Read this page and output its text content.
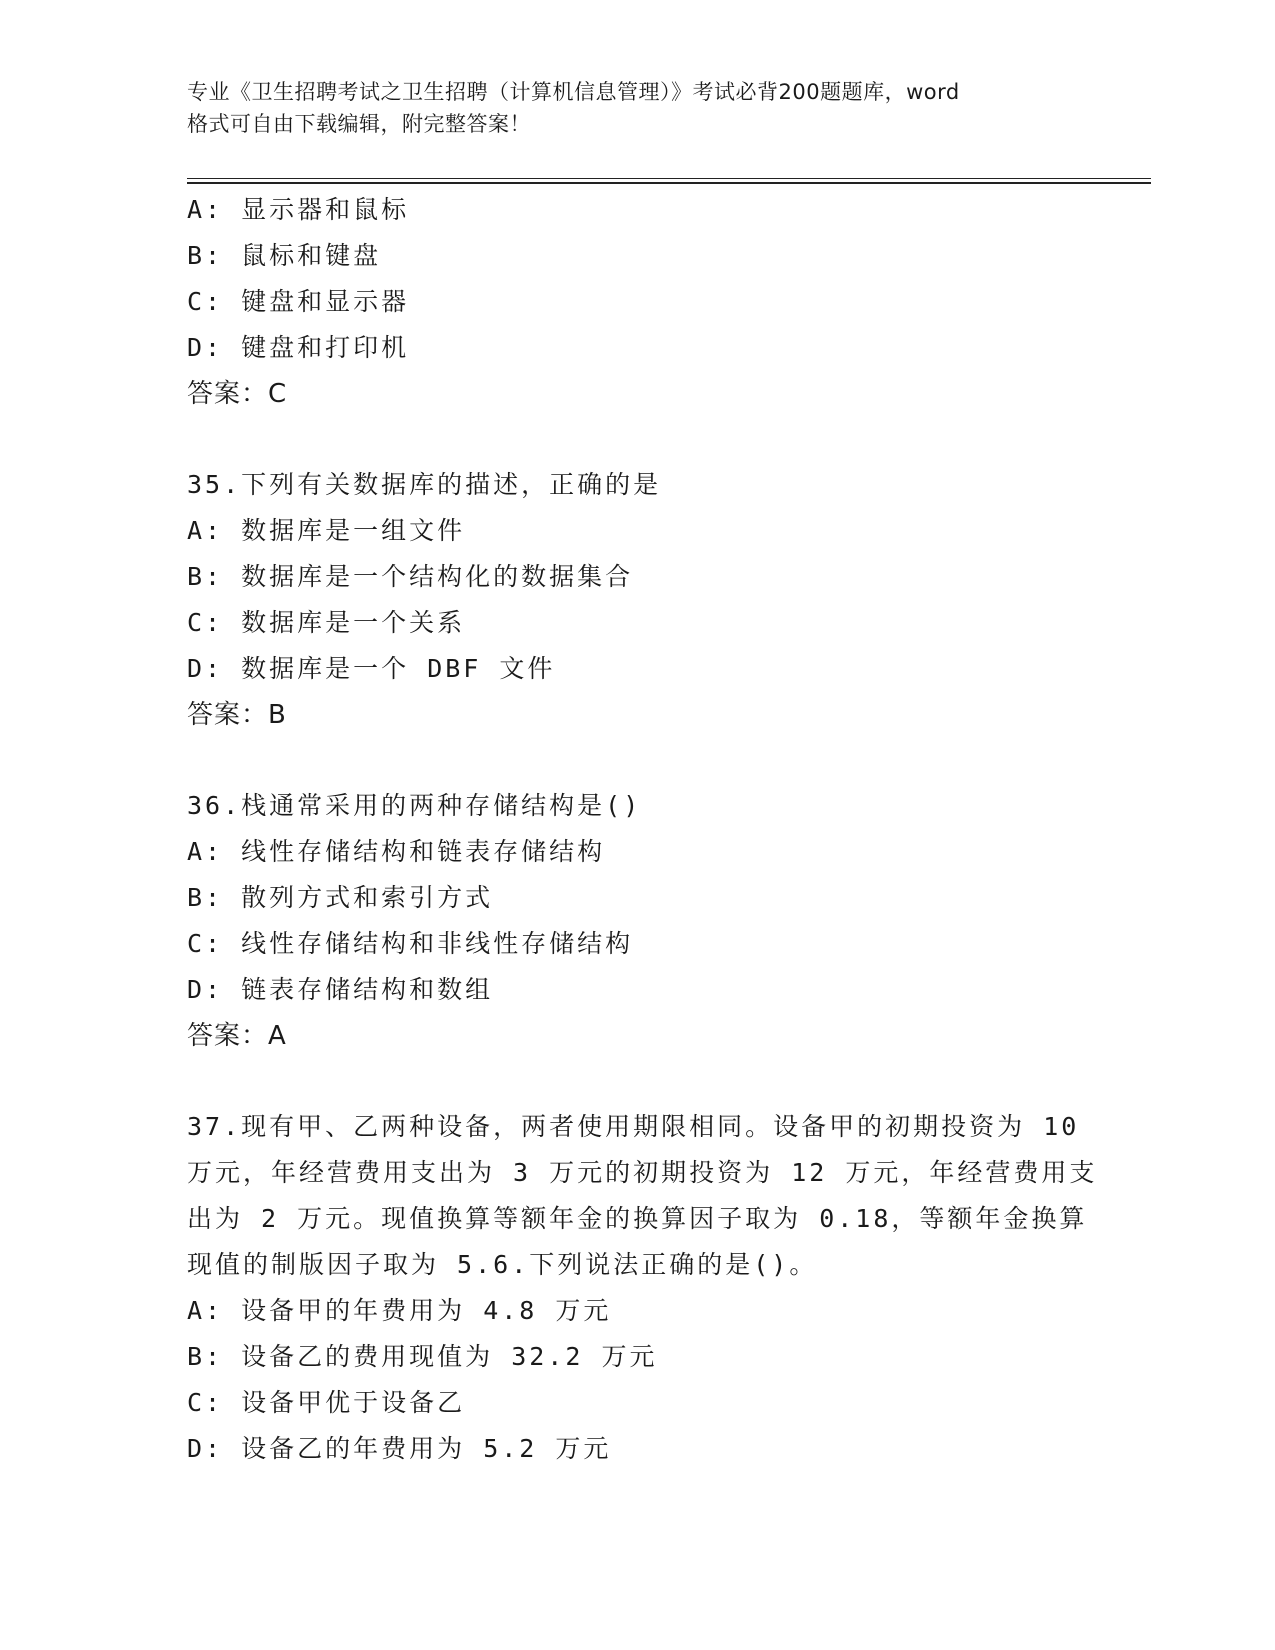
专业《卫生招聘考试之卫生招聘（计算机信息管理）》考试必背200题题库，word
格式可自由下载编辑，附完整答案！
A: 显示器和鼠标
B: 鼠标和键盘
C: 键盘和显示器
D: 键盘和打印机
答案：C
35.下列有关数据库的描述，正确的是
A: 数据库是一组文件
B: 数据库是一个结构化的数据集合
C: 数据库是一个关系
D: 数据库是一个 DBF 文件
答案：B
36.栈通常采用的两种存储结构是()
A: 线性存储结构和链表存储结构
B: 散列方式和索引方式
C: 线性存储结构和非线性存储结构
D: 链表存储结构和数组
答案：A
37.现有甲、乙两种设备，两者使用期限相同。设备甲的初期投资为 10
万元，年经营费用支出为 3 万元的初期投资为 12 万元，年经营费用支
出为 2 万元。现值换算等额年金的换算因子取为 0.18，等额年金换算
现值的制版因子取为 5.6.下列说法正确的是()。
A: 设备甲的年费用为 4.8 万元
B: 设备乙的费用现值为 32.2 万元
C: 设备甲优于设备乙
D: 设备乙的年费用为 5.2 万元
